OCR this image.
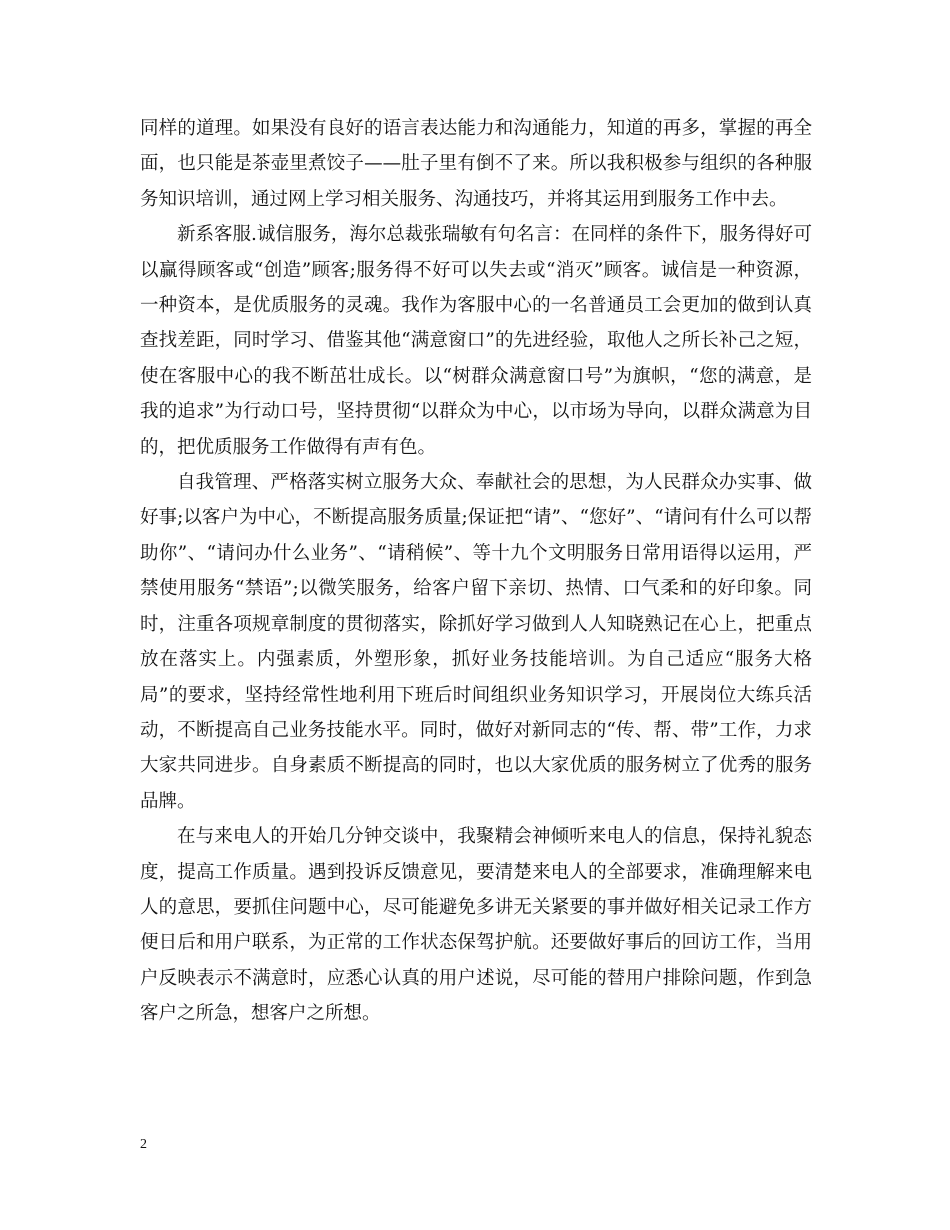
同样的道理。如果没有良好的语言表达能力和沟通能力，知道的再多，掌握的再全面，也只能是茶壶里煮饺子——肚子里有倒不了来。所以我积极参与组织的各种服务知识培训，通过网上学习相关服务、沟通技巧，并将其运用到服务工作中去。

新系客服.诚信服务，海尔总裁张瑞敏有句名言：在同样的条件下，服务得好可以赢得顾客或“创造”顾客;服务得不好可以失去或“消灭”顾客。诚信是一种资源，一种资本，是优质服务的灵魂。我作为客服中心的一名普通员工会更加的做到认真查找差距，同时学习、借鉴其他“满意窗口”的先进经验，取他人之所长补己之短，使在客服中心的我不断茁壮成长。以“树群众满意窗口号”为旗帜，“您的满意，是我的追求”为行动口号，坚持贯彻“以群众为中心，以市场为导向，以群众满意为目的，把优质服务工作做得有声有色。

自我管理、严格落实树立服务大众、奉献社会的思想，为人民群众办实事、做好事;以客户为中心，不断提高服务质量;保证把“请”、“您好”、“请问有什么可以帮助你”、“请问办什么业务”、“请稍候”、等十九个文明服务日常用语得以运用，严禁使用服务“禁语”;以微笑服务，给客户留下亲切、热情、口气柔和的好印象。同时，注重各项规章制度的贯彻落实，除抓好学习做到人人知晓熟记在心上，把重点放在落实上。内强素质，外塑形象，抓好业务技能培训。为自己适应“服务大格局”的要求，坚持经常性地利用下班后时间组织业务知识学习，开展岗位大练兵活动，不断提高自己业务技能水平。同时，做好对新同志的“传、帮、带”工作，力求大家共同进步。自身素质不断提高的同时，也以大家优质的服务树立了优秀的服务品牌。

在与来电人的开始几分钟交谈中，我聚精会神倾听来电人的信息，保持礼貌态度，提高工作质量。遇到投诉反馈意见，要清楚来电人的全部要求，准确理解来电人的意思，要抓住问题中心，尽可能避免多讲无关紧要的事并做好相关记录工作方便日后和用户联系，为正常的工作状态保驾护航。还要做好事后的回访工作，当用户反映表示不满意时，应悉心认真的用户述说，尽可能的替用户排除问题，作到急客户之所急，想客户之所想。

2
